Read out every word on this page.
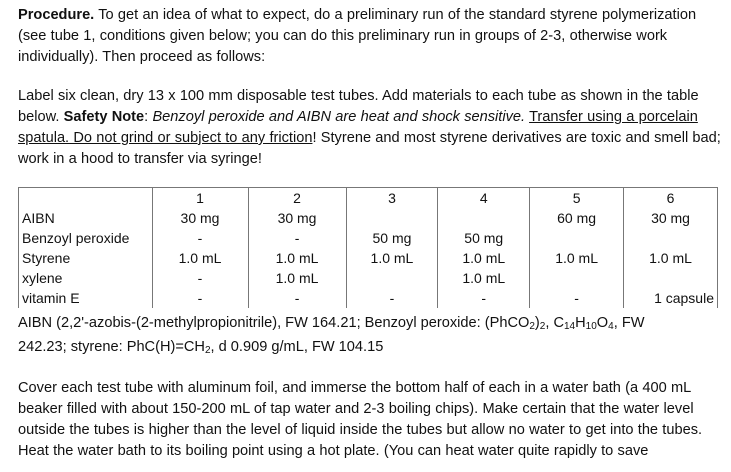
Procedure. To get an idea of what to expect, do a preliminary run of the standard styrene polymerization (see tube 1, conditions given below; you can do this preliminary run in groups of 2-3, otherwise work individually). Then proceed as follows:

Label six clean, dry 13 x 100 mm disposable test tubes. Add materials to each tube as shown in the table below. Safety Note: Benzoyl peroxide and AIBN are heat and shock sensitive. Transfer using a porcelain spatula. Do not grind or subject to any friction! Styrene and most styrene derivatives are toxic and smell bad; work in a hood to transfer via syringe!

	1	2	3	4	5	6
AIBN	30 mg	30 mg			60 mg	30 mg
Benzoyl peroxide	-	-	50 mg	50 mg		
Styrene	1.0 mL	1.0 mL	1.0 mL	1.0 mL	1.0 mL	1.0 mL
xylene	-	1.0 mL		1.0 mL		
vitamin E	-	-	-	-	-	1 capsule

AIBN (2,2'-azobis-(2-methylpropionitrile), FW 164.21; Benzoyl peroxide: $(PhCO_2)_2$, $C_{14}H_{10}O_4$, FW

242.23; styrene: $PhC(H)=CH_2$, d 0.909 g/mL, FW 104.15

Cover each test tube with aluminum foil, and immerse the bottom half of each in a water bath (a 400 mL beaker filled with about 150-200 mL of tap water and 2-3 boiling chips). Make certain that the water level outside the tubes is higher than the level of liquid inside the tubes but allow no water to get into the tubes. Heat the water bath to its boiling point using a hot plate. (You can heat water quite rapidly to save
